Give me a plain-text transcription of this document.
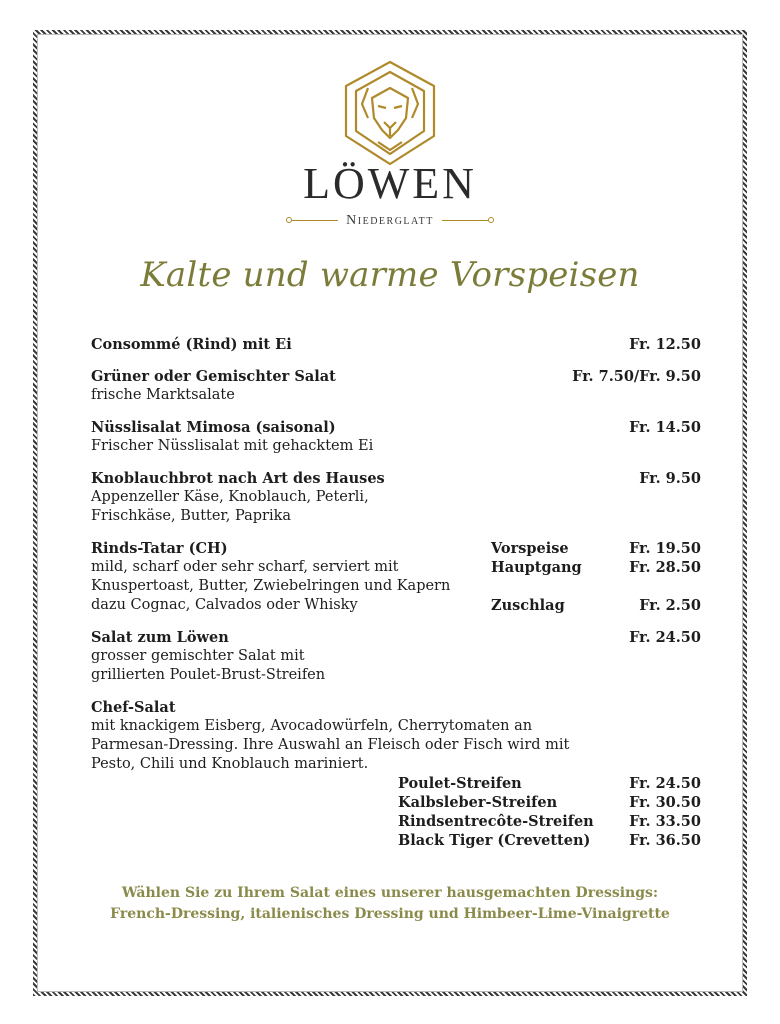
LÖWEN
Niederglatt
Kalte und warme Vorspeisen
Consommé (Rind) mit Ei	Fr. 12.50
Grüner oder Gemischter Salat	Fr. 7.50/Fr. 9.50
frische Marktsalate
Nüsslisalat Mimosa (saisonal)	Fr. 14.50
Frischer Nüsslisalat mit gehacktem Ei
Knoblauchbrot nach Art des Hauses	Fr. 9.50
Appenzeller Käse, Knoblauch, Peterli,
Frischkäse, Butter, Paprika
Rinds-Tatar (CH)	Vorspeise	Fr. 19.50
mild, scharf oder sehr scharf, serviert mit	Hauptgang	Fr. 28.50
Knuspertoast, Butter, Zwiebelringen und Kapern
dazu Cognac, Calvados oder Whisky	Zuschlag	Fr. 2.50
Salat zum Löwen	Fr. 24.50
grosser gemischter Salat mit
grillierten Poulet-Brust-Streifen
Chef-Salat
mit knackigem Eisberg, Avocadowürfeln, Cherrytomaten an
Parmesan-Dressing. Ihre Auswahl an Fleisch oder Fisch wird mit
Pesto, Chili und Knoblauch mariniert.
Poulet-Streifen	Fr. 24.50
Kalbsleber-Streifen	Fr. 30.50
Rindsentrecôte-Streifen Fr. 33.50
Black Tiger (Crevetten)	Fr. 36.50
Wählen Sie zu Ihrem Salat eines unserer hausgemachten Dressings:
French-Dressing, italienisches Dressing und Himbeer-Lime-Vinaigrette
